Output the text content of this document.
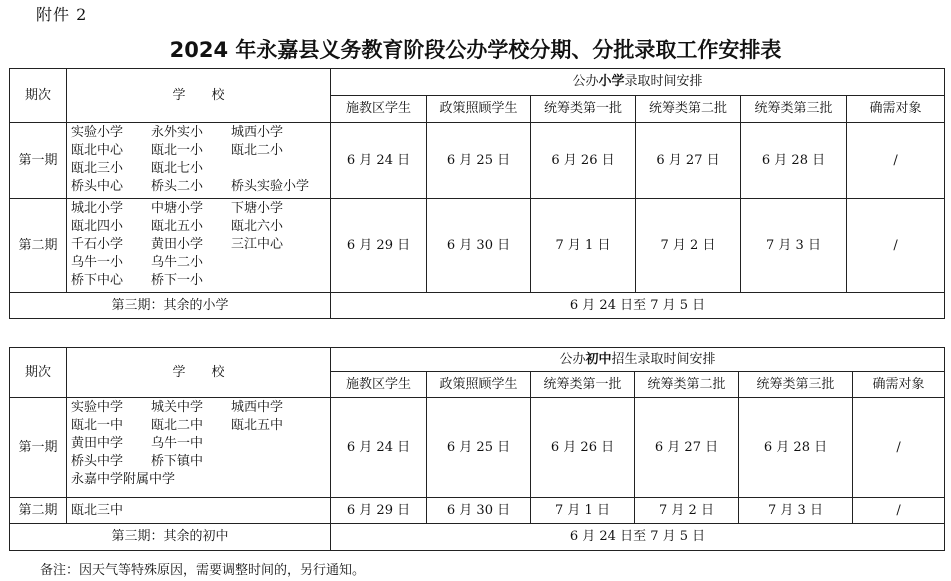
附件 2
2024 年永嘉县义务教育阶段公办学校分期、分批录取工作安排表
期次	学　　校	公办小学录取时间安排					
		施教区学生	政策照顾学生	统筹类第一批	统筹类第二批	统筹类第三批	确需对象
第一期	实验小学 永外实小 城西小学
瓯北中心 瓯北一小 瓯北二小
瓯北三小 瓯北七小
桥头中心 桥头二小 桥头实验小学	6 月 24 日	6 月 25 日	6 月 26 日	6 月 27 日	6 月 28 日	/
第二期	城北小学 中塘小学 下塘小学
瓯北四小 瓯北五小 瓯北六小
千石小学 黄田小学 三江中心
乌牛一小 乌牛二小
桥下中心 桥下一小	6 月 29 日	6 月 30 日	7 月 1 日	7 月 2 日	7 月 3 日	/
第三期：其余的小学		6 月 24 日至 7 月 5 日					
期次	学　　校	公办初中招生录取时间安排					
		施教区学生	政策照顾学生	统筹类第一批	统筹类第二批	统筹类第三批	确需对象
第一期	实验中学 城关中学 城西中学
瓯北一中 瓯北二中 瓯北五中
黄田中学 乌牛一中
桥头中学 桥下镇中
永嘉中学附属中学	6 月 24 日	6 月 25 日	6 月 26 日	6 月 27 日	6 月 28 日	/
第二期	瓯北三中	6 月 29 日	6 月 30 日	7 月 1 日	7 月 2 日	7 月 3 日	/
第三期：其余的初中		6 月 24 日至 7 月 5 日					
备注：因天气等特殊原因，需要调整时间的，另行通知。
